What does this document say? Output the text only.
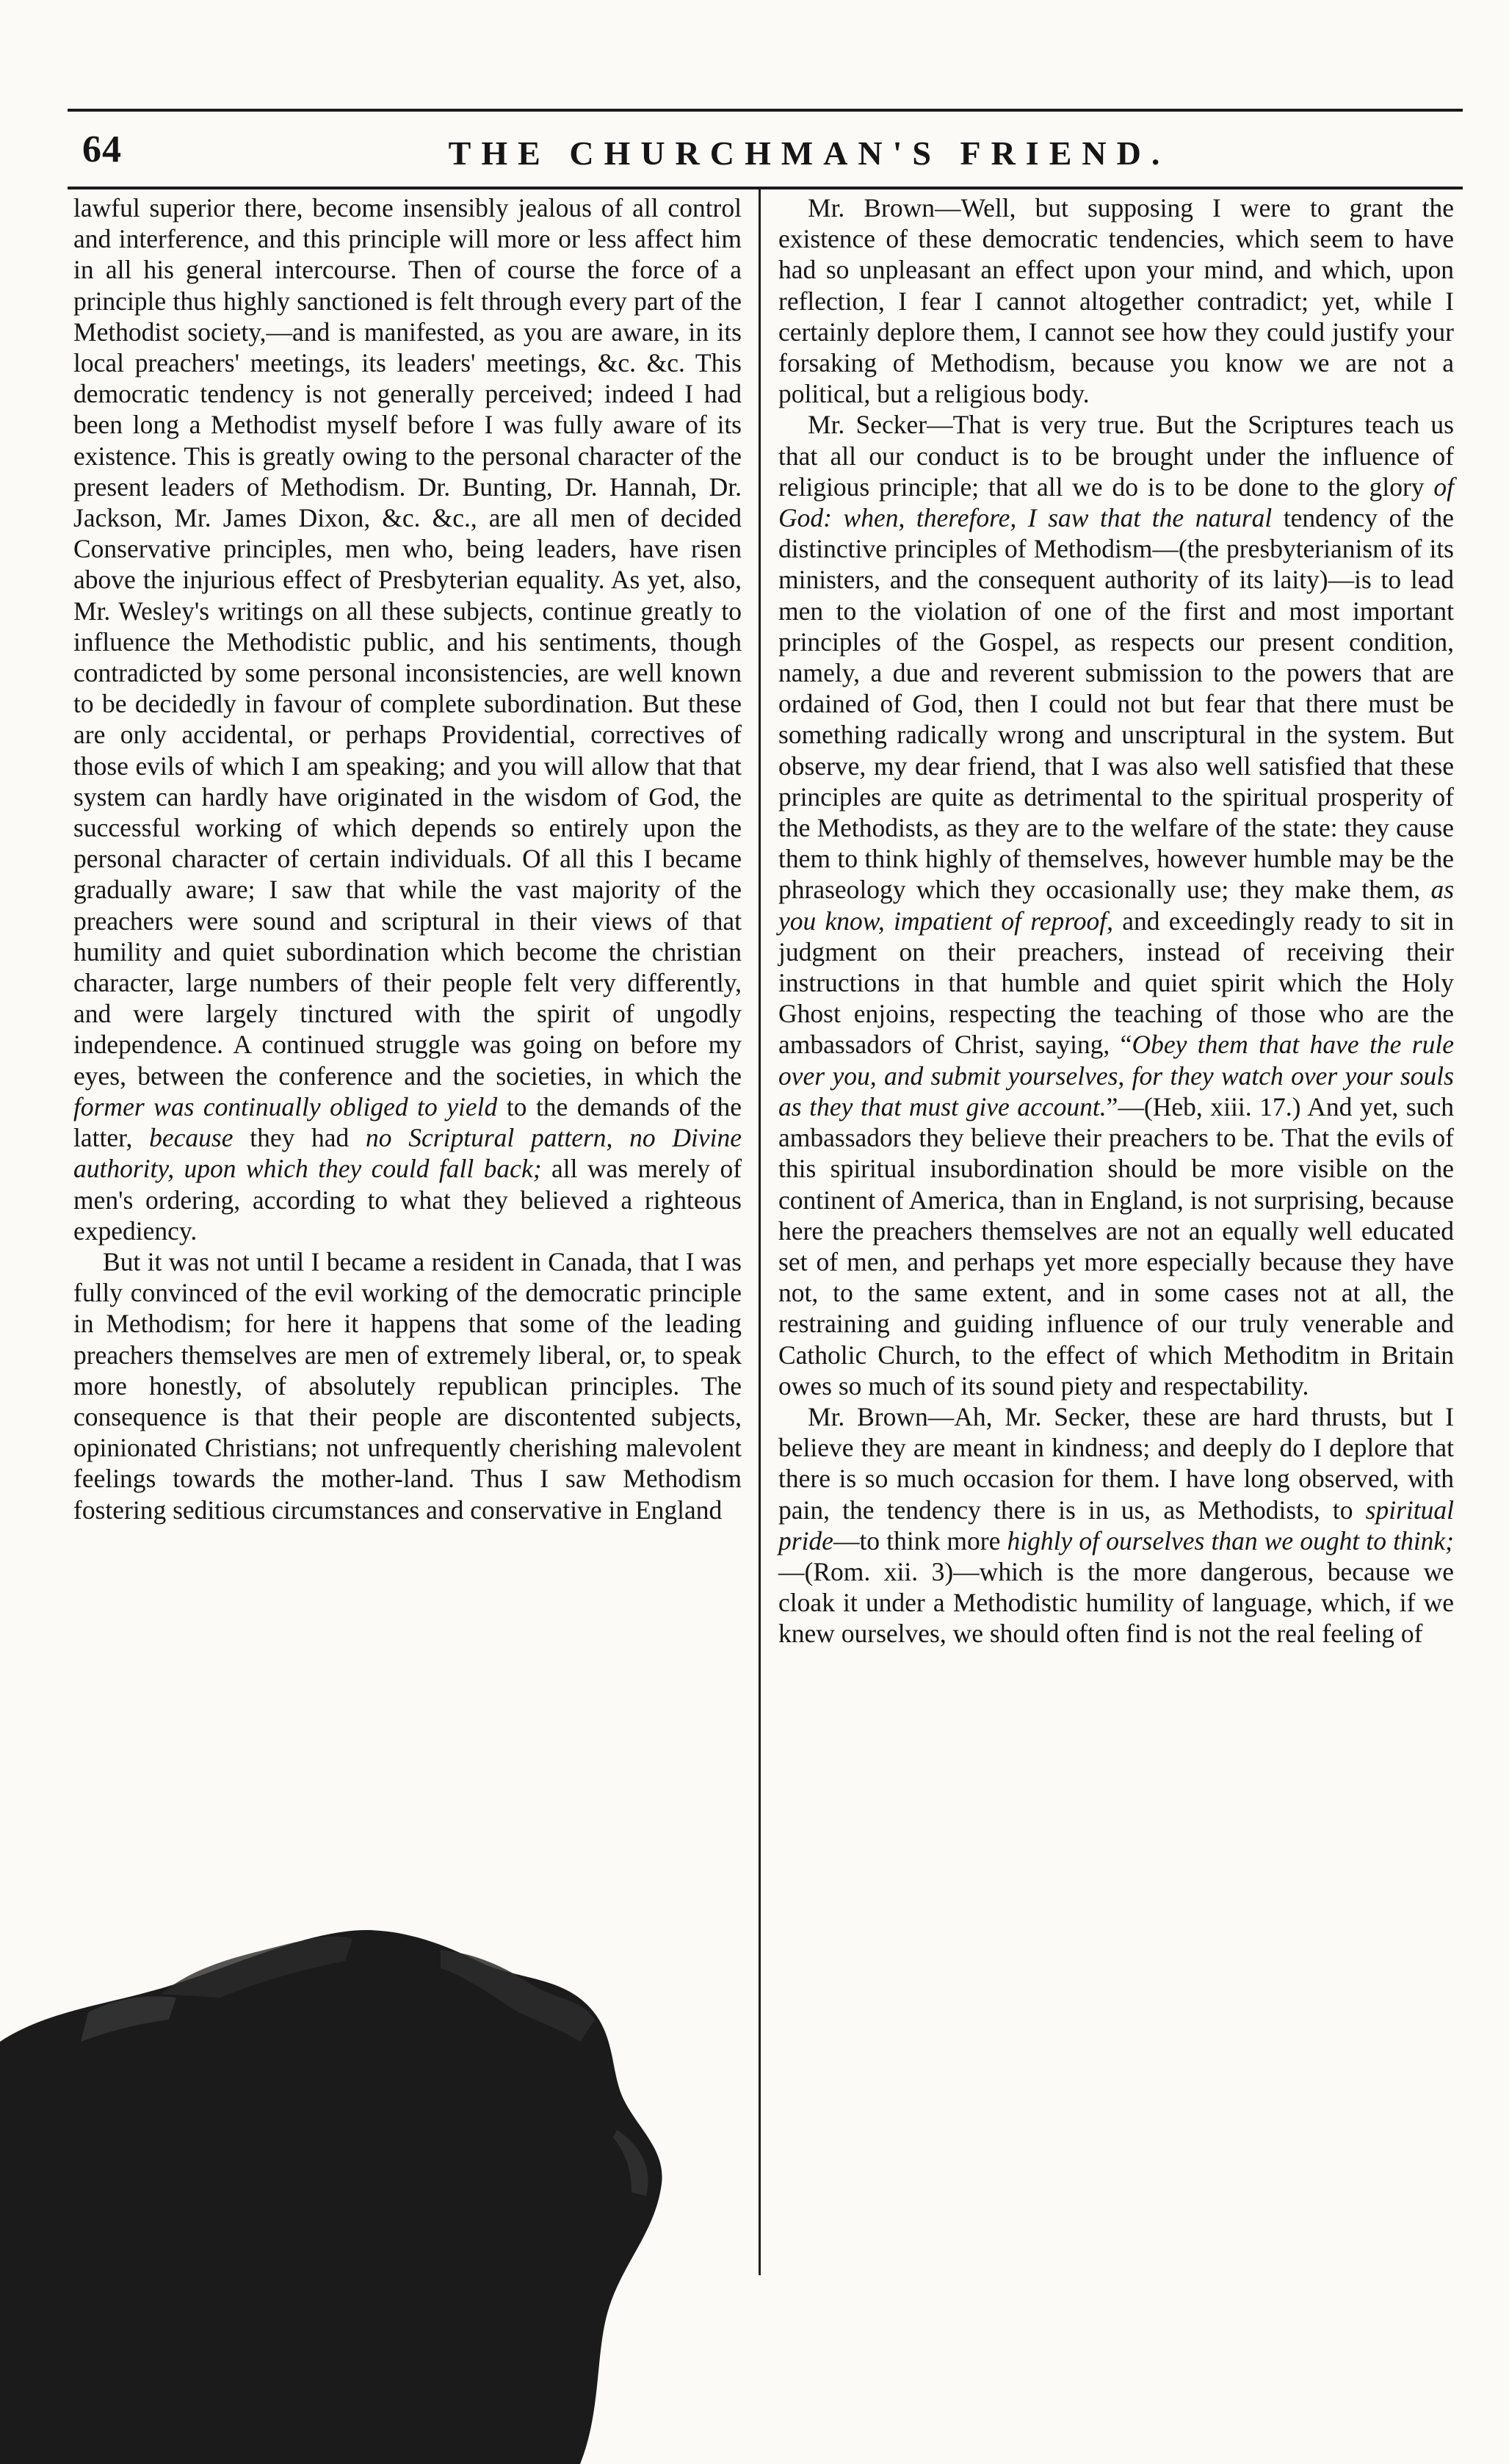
64	THE CHURCHMAN'S FRIEND.

lawful superior there, become insensibly jealous of all control and interference, and this principle will more or less affect him in all his general intercourse. Then of course the force of a principle thus highly sanctioned is felt through every part of the Methodist society,—and is manifested, as you are aware, in its local preachers' meetings, its leaders' meetings, &c. &c. This democratic tendency is not generally perceived; indeed I had been long a Methodist myself before I was fully aware of its existence. This is greatly owing to the personal character of the present leaders of Methodism. Dr. Bunting, Dr. Hannah, Dr. Jackson, Mr. James Dixon, &c. &c., are all men of decided Conservative principles, men who, being leaders, have risen above the injurious effect of Presbyterian equality. As yet, also, Mr. Wesley's writings on all these subjects, continue greatly to influence the Methodistic public, and his sentiments, though contradicted by some personal inconsistencies, are well known to be decidedly in favour of complete subordination. But these are only accidental, or perhaps Providential, correctives of those evils of which I am speaking; and you will allow that that system can hardly have originated in the wisdom of God, the successful working of which depends so entirely upon the personal character of certain individuals. Of all this I became gradually aware; I saw that while the vast majority of the preachers were sound and scriptural in their views of that humility and quiet subordination which become the christian character, large numbers of their people felt very differently, and were largely tinctured with the spirit of ungodly independence. A continued struggle was going on before my eyes, between the conference and the societies, in which the former was continually obliged to yield to the demands of the latter, because they had no Scriptural pattern, no Divine authority, upon which they could fall back; all was merely of men's ordering, according to what they believed a righteous expediency.

But it was not until I became a resident in Canada, that I was fully convinced of the evil working of the democratic principle in Methodism; for here it happens that some of the leading preachers themselves are men of extremely liberal, or, to speak more honestly, of absolutely republican principles. The consequence is that their people are discontented subjects, opinionated Christians; not unfrequently cherishing malevolent feelings towards the mother-land. Thus I saw Methodism fostering seditious circumstances and conservative in England

Mr. Brown—Well, but supposing I were to grant the existence of these democratic tendencies, which seem to have had so unpleasant an effect upon your mind, and which, upon reflection, I fear I cannot altogether contradict; yet, while I certainly deplore them, I cannot see how they could justify your forsaking of Methodism, because you know we are not a political, but a religious body.

Mr. Secker—That is very true. But the Scriptures teach us that all our conduct is to be brought under the influence of religious principle; that all we do is to be done to the glory of God: when, therefore, I saw that the natural tendency of the distinctive principles of Methodism—(the presbyterianism of its ministers, and the consequent authority of its laity)—is to lead men to the violation of one of the first and most important principles of the Gospel, as respects our present condition, namely, a due and reverent submission to the powers that are ordained of God, then I could not but fear that there must be something radically wrong and unscriptural in the system. But observe, my dear friend, that I was also well satisfied that these principles are quite as detrimental to the spiritual prosperity of the Methodists, as they are to the welfare of the state: they cause them to think highly of themselves, however humble may be the phraseology which they occasionally use; they make them, as you know, impatient of reproof, and exceedingly ready to sit in judgment on their preachers, instead of receiving their instructions in that humble and quiet spirit which the Holy Ghost enjoins, respecting the teaching of those who are the ambassadors of Christ, saying, “Obey them that have the rule over you, and submit yourselves, for they watch over your souls as they that must give account.”—(Heb, xiii. 17.) And yet, such ambassadors they believe their preachers to be. That the evils of this spiritual insubordination should be more visible on the continent of America, than in England, is not surprising, because here the preachers themselves are not an equally well educated set of men, and perhaps yet more especially because they have not, to the same extent, and in some cases not at all, the restraining and guiding influence of our truly venerable and Catholic Church, to the effect of which Methoditm in Britain owes so much of its sound piety and respectability.

Mr. Brown—Ah, Mr. Secker, these are hard thrusts, but I believe they are meant in kindness; and deeply do I deplore that there is so much occasion for them. I have long observed, with pain, the tendency there is in us, as Methodists, to spiritual pride—to think more highly of ourselves than we ought to think;—(Rom. xii. 3)—which is the more dangerous, because we cloak it under a Methodistic humility of language, which, if we knew ourselves, we should often find is not the real feeling of
